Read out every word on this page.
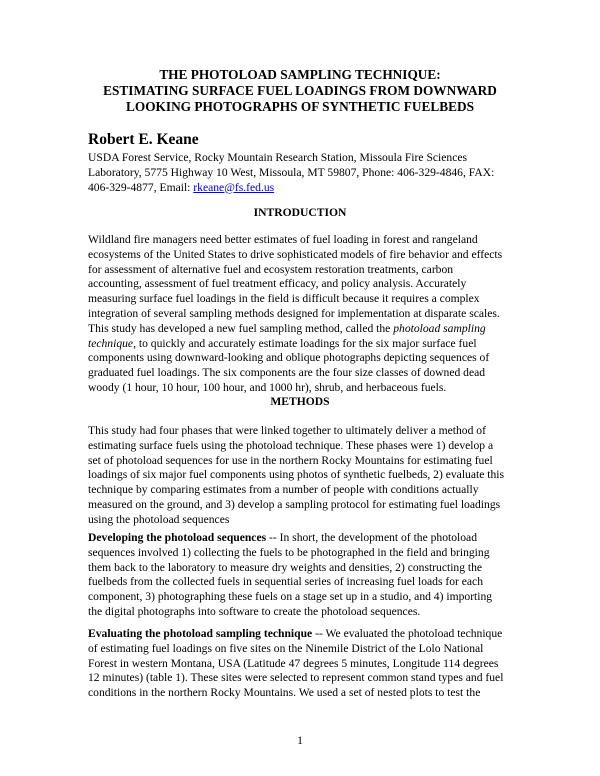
THE PHOTOLOAD SAMPLING TECHNIQUE:
ESTIMATING SURFACE FUEL LOADINGS FROM DOWNWARD
LOOKING PHOTOGRAPHS OF SYNTHETIC FUELBEDS
Robert E. Keane
USDA Forest Service, Rocky Mountain Research Station, Missoula Fire Sciences
Laboratory, 5775 Highway 10 West, Missoula, MT 59807, Phone: 406-329-4846, FAX:
406-329-4877, Email: rkeane@fs.fed.us
INTRODUCTION
Wildland fire managers need better estimates of fuel loading in forest and rangeland
ecosystems of the United States to drive sophisticated models of fire behavior and effects
for assessment of alternative fuel and ecosystem restoration treatments, carbon
accounting, assessment of fuel treatment efficacy, and policy analysis. Accurately
measuring surface fuel loadings in the field is difficult because it requires a complex
integration of several sampling methods designed for implementation at disparate scales.
This study has developed a new fuel sampling method, called the photoload sampling
technique, to quickly and accurately estimate loadings for the six major surface fuel
components using downward-looking and oblique photographs depicting sequences of
graduated fuel loadings. The six components are the four size classes of downed dead
woody (1 hour, 10 hour, 100 hour, and 1000 hr), shrub, and herbaceous fuels.
METHODS
This study had four phases that were linked together to ultimately deliver a method of
estimating surface fuels using the photoload technique. These phases were 1) develop a
set of photoload sequences for use in the northern Rocky Mountains for estimating fuel
loadings of six major fuel components using photos of synthetic fuelbeds, 2) evaluate this
technique by comparing estimates from a number of people with conditions actually
measured on the ground, and 3) develop a sampling protocol for estimating fuel loadings
using the photoload sequences
Developing the photoload sequences -- In short, the development of the photoload
sequences involved 1) collecting the fuels to be photographed in the field and bringing
them back to the laboratory to measure dry weights and densities, 2) constructing the
fuelbeds from the collected fuels in sequential series of increasing fuel loads for each
component, 3) photographing these fuels on a stage set up in a studio, and 4) importing
the digital photographs into software to create the photoload sequences.
Evaluating the photoload sampling technique -- We evaluated the photoload technique
of estimating fuel loadings on five sites on the Ninemile District of the Lolo National
Forest in western Montana, USA (Latitude 47 degrees 5 minutes, Longitude 114 degrees
12 minutes) (table 1). These sites were selected to represent common stand types and fuel
conditions in the northern Rocky Mountains. We used a set of nested plots to test the
1
